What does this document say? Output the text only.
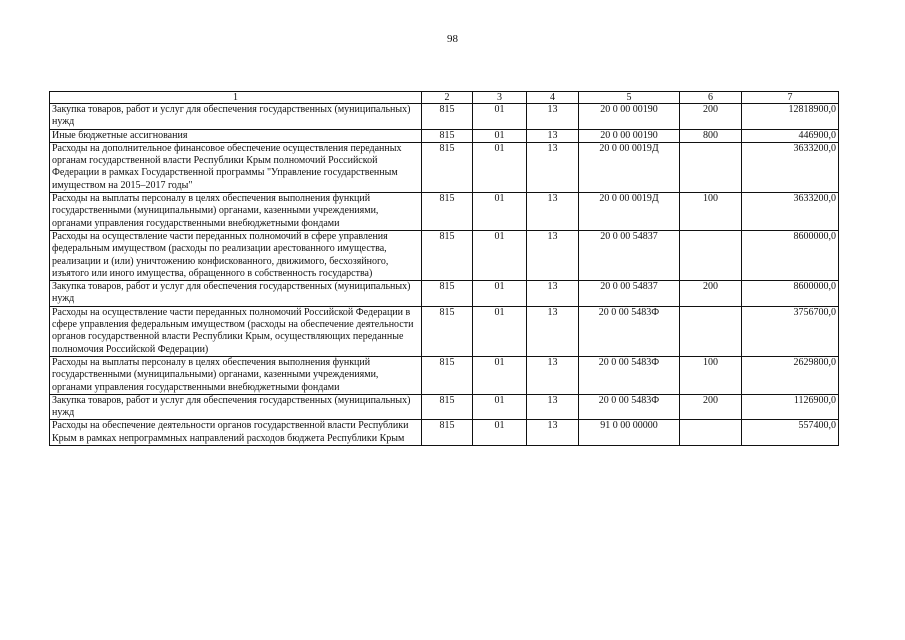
98
1	2	3	4	5	6	7
Закупка товаров, работ и услуг для обеспечения государственных (муниципальных) нужд	815	01	13	20 0 00 00190	200	12818900,0
Иные бюджетные ассигнования	815	01	13	20 0 00 00190	800	446900,0
Расходы на дополнительное финансовое обеспечение осуществления переданных органам государственной власти Республики Крым полномочий Российской Федерации в рамках Государственной программы "Управление государственным имуществом на 2015–2017 годы"	815	01	13	20 0 00 0019Д		3633200,0
Расходы на выплаты персоналу в целях обеспечения выполнения функций государственными (муниципальными) органами, казенными учреждениями, органами управления государственными внебюджетными фондами	815	01	13	20 0 00 0019Д	100	3633200,0
Расходы на осуществление части переданных полномочий в сфере управления федеральным имуществом (расходы по реализации арестованного имущества, реализации и (или) уничтожению конфискованного, движимого, бесхозяйного, изъятого или иного имущества, обращенного в собственность государства)	815	01	13	20 0 00 54837		8600000,0
Закупка товаров, работ и услуг для обеспечения государственных (муниципальных) нужд	815	01	13	20 0 00 54837	200	8600000,0
Расходы на осуществление части переданных полномочий Российской Федерации в сфере управления федеральным имуществом (расходы на обеспечение деятельности органов государственной власти Республики Крым, осуществляющих переданные полномочия Российской Федерации)	815	01	13	20 0 00 5483Ф		3756700,0
Расходы на выплаты персоналу в целях обеспечения выполнения функций государственными (муниципальными) органами, казенными учреждениями, органами управления государственными внебюджетными фондами	815	01	13	20 0 00 5483Ф	100	2629800,0
Закупка товаров, работ и услуг для обеспечения государственных (муниципальных) нужд	815	01	13	20 0 00 5483Ф	200	1126900,0
Расходы на обеспечение деятельности органов государственной власти Республики Крым в рамках непрограммных направлений расходов бюджета Республики Крым	815	01	13	91 0 00 00000		557400,0
